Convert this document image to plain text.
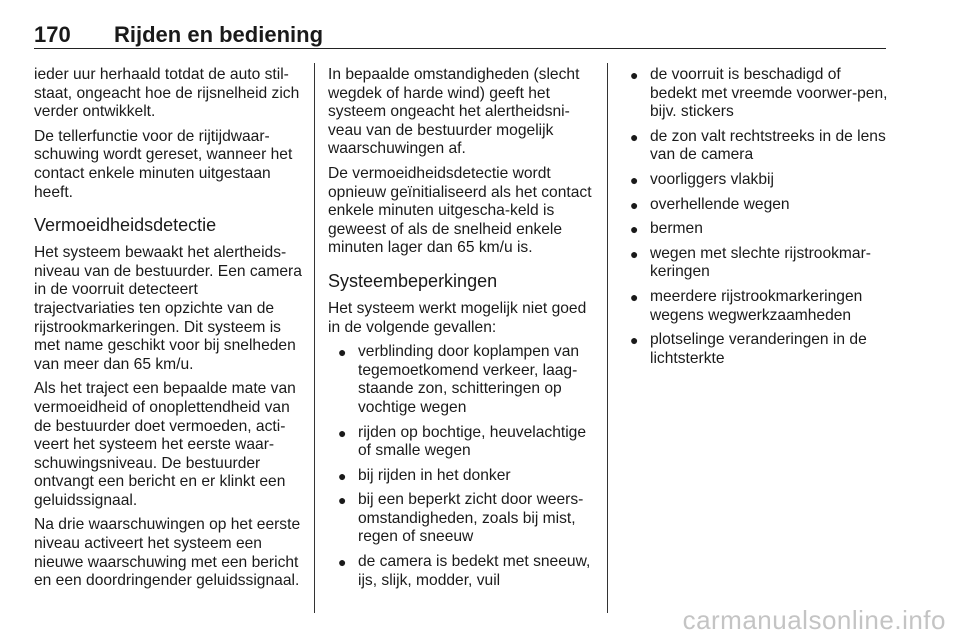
170 Rijden en bediening

ieder uur herhaald totdat de auto stil-staat, ongeacht hoe de rijsnelheid zich verder ontwikkelt.

De tellerfunctie voor de rijtijdwaar-schuwing wordt gereset, wanneer het contact enkele minuten uitgestaan heeft.

Vermoeidheidsdetectie

Het systeem bewaakt het alertheids-niveau van de bestuurder. Een camera in de voorruit detecteert trajectvariaties ten opzichte van de rijstrookmarkeringen. Dit systeem is met name geschikt voor bij snelheden van meer dan 65 km/u.

Als het traject een bepaalde mate van vermoeidheid of onoplettendheid van de bestuurder doet vermoeden, acti-veert het systeem het eerste waar-schuwingsniveau. De bestuurder ontvangt een bericht en er klinkt een geluidssignaal.

Na drie waarschuwingen op het eerste niveau activeert het systeem een nieuwe waarschuwing met een bericht en een doordringender geluidssignaal.

In bepaalde omstandigheden (slecht wegdek of harde wind) geeft het systeem ongeacht het alertheidsni-veau van de bestuurder mogelijk waarschuwingen af.

De vermoeidheidsdetectie wordt opnieuw geïnitialiseerd als het contact enkele minuten uitgescha-keld is geweest of als de snelheid enkele minuten lager dan 65 km/u is.

Systeembeperkingen

Het systeem werkt mogelijk niet goed in de volgende gevallen:

● verblinding door koplampen van tegemoetkomend verkeer, laag-staande zon, schitteringen op vochtige wegen
● rijden op bochtige, heuvelachtige of smalle wegen
● bij rijden in het donker
● bij een beperkt zicht door weers-omstandigheden, zoals bij mist, regen of sneeuw
● de camera is bedekt met sneeuw, ijs, slijk, modder, vuil
● de voorruit is beschadigd of bedekt met vreemde voorwer-pen, bijv. stickers
● de zon valt rechtstreeks in de lens van de camera
● voorliggers vlakbij
● overhellende wegen
● bermen
● wegen met slechte rijstrookmar-keringen
● meerdere rijstrookmarkeringen wegens wegwerkzaamheden
● plotselinge veranderingen in de lichtsterkte
carmanualsonline.info
